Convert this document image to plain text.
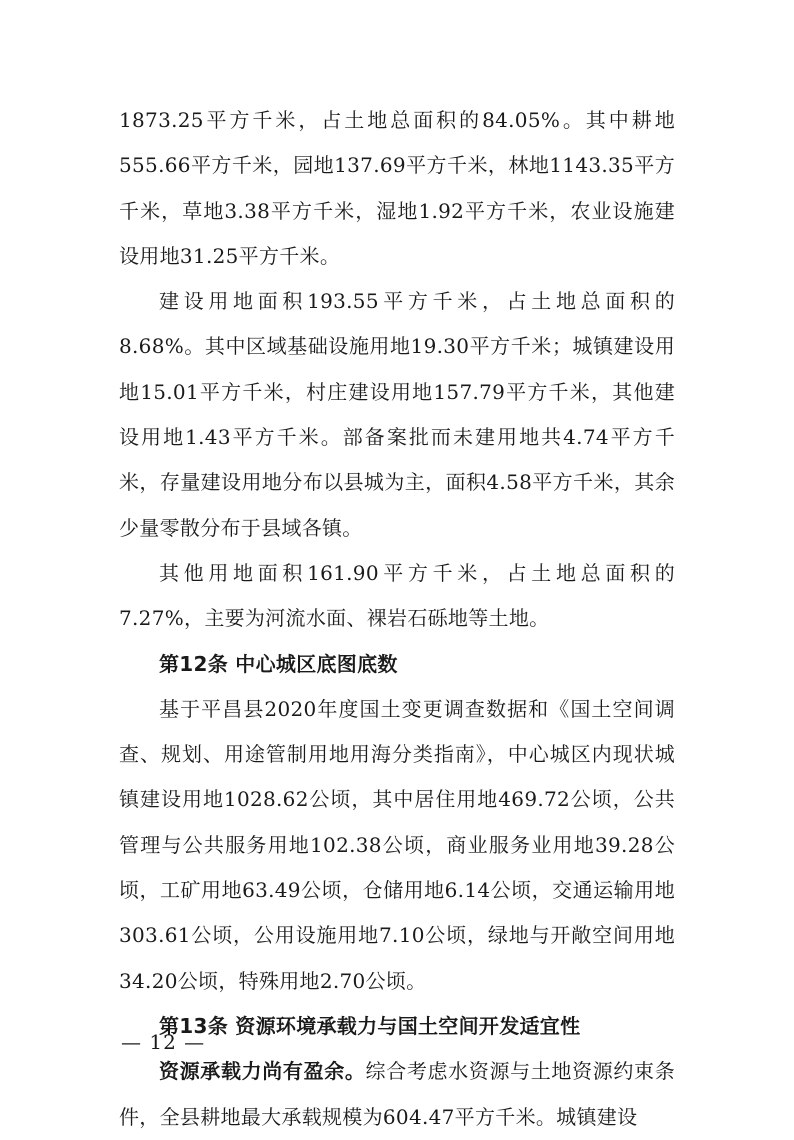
1873.25平方千米，占土地总面积的84.05%。其中耕地555.66平方千米，园地137.69平方千米，林地1143.35平方千米，草地3.38平方千米，湿地1.92平方千米，农业设施建设用地31.25平方千米。

建设用地面积193.55平方千米，占土地总面积的8.68%。其中区域基础设施用地19.30平方千米；城镇建设用地15.01平方千米，村庄建设用地157.79平方千米，其他建设用地1.43平方千米。部备案批而未建用地共4.74平方千米，存量建设用地分布以县城为主，面积4.58平方千米，其余少量零散分布于县域各镇。

其他用地面积161.90平方千米，占土地总面积的7.27%，主要为河流水面、裸岩石砾地等土地。

第12条 中心城区底图底数

基于平昌县2020年度国土变更调查数据和《国土空间调查、规划、用途管制用地用海分类指南》，中心城区内现状城镇建设用地1028.62公顷，其中居住用地469.72公顷，公共管理与公共服务用地102.38公顷，商业服务业用地39.28公顷，工矿用地63.49公顷，仓储用地6.14公顷，交通运输用地303.61公顷，公用设施用地7.10公顷，绿地与开敞空间用地34.20公顷，特殊用地2.70公顷。

第13条 资源环境承载力与国土空间开发适宜性

资源承载力尚有盈余。综合考虑水资源与土地资源约束条件，全县耕地最大承载规模为604.47平方千米。城镇建设

— 12 —
